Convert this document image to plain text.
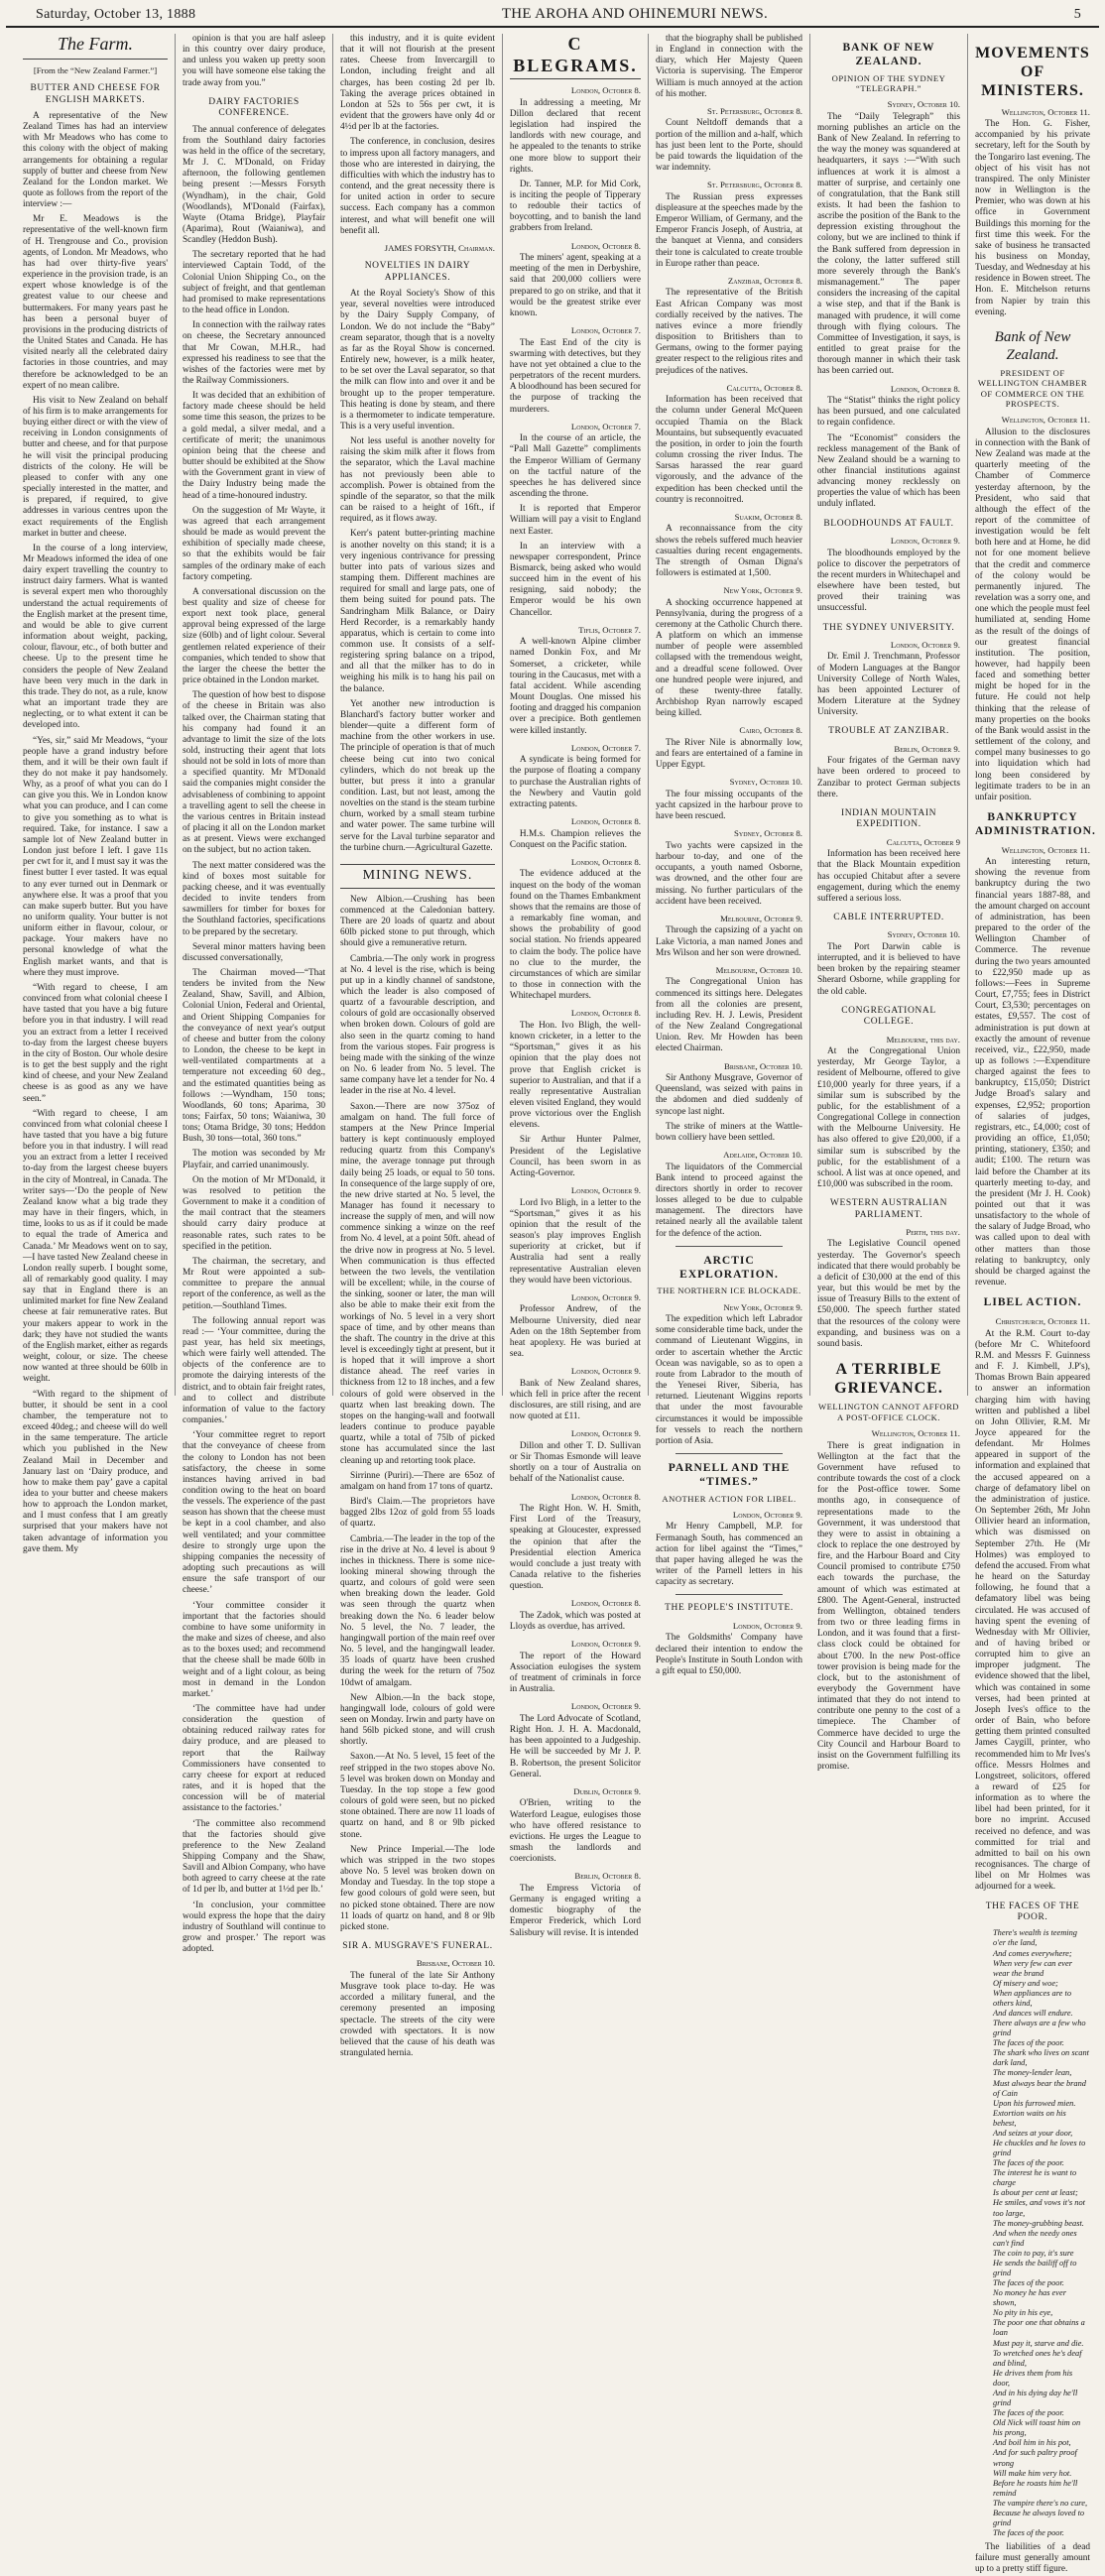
Saturday, October 13, 1888	THE AROHA AND OHINEMURI NEWS.	5
The Farm.
[From the “New Zealand Farmer.”]
BUTTER AND CHEESE FOR ENGLISH MARKETS.

A representative of the New Zealand Times has had an interview with Mr Meadows who has come to this colony with the object of making arrangements for obtaining a regular supply of butter and cheese from New Zealand for the London market. We quote as follows from the report of the interview :—

Mr E. Meadows is the representative of the well-known firm of H. Trengrouse and Co., provision agents, of London. Mr Meadows, who has had over thirty-five years' experience in the provision trade, is an expert whose knowledge is of the greatest value to our cheese and buttermakers. For many years past he has been a personal buyer of provisions in the producing districts of the United States and Canada. He has visited nearly all the celebrated dairy factories in those countries, and may therefore be acknowledged to be an expert of no mean calibre.

His visit to New Zealand on behalf of his firm is to make arrangements for buying either direct or with the view of receiving in London consignments of butter and cheese, and for that purpose he will visit the principal producing districts of the colony. He will be pleased to confer with any one specially interested in the matter, and is prepared, if required, to give addresses in various centres upon the exact requirements of the English market in butter and cheese.

In the course of a long interview, Mr Meadows informed the idea of one dairy expert travelling the country to instruct dairy farmers. What is wanted is several expert men who thoroughly understand the actual requirements of the English market at the present time, and would be able to give current information about weight, packing, colour, flavour, etc., of both butter and cheese. Up to the present time he considers the people of New Zealand have been very much in the dark in this trade. They do not, as a rule, know what an important trade they are neglecting, or to what extent it can be developed into.

“Yes, sir,” said Mr Meadows, “your people have a grand industry before them, and it will be their own fault if they do not make it pay handsomely. Why, as a proof of what you can do I can give you this. We in London know what you can produce, and I can come to give you something as to what is required. Take, for instance. I saw a sample lot of New Zealand butter in London just before I left. I gave 11s per cwt for it, and I must say it was the finest butter I ever tasted. It was equal to any ever turned out in Denmark or anywhere else. It was a proof that you can make superb butter. But you have no uniform quality. Your butter is not uniform either in flavour, colour, or package. Your makers have no personal knowledge of what the English market wants, and that is where they must improve.

“With regard to cheese, I am convinced from what colonial cheese I have tasted that you have a big future before you in that industry. I will read you an extract from a letter I received to-day from the largest cheese buyers in the city of Boston. Our whole desire is to get the best supply and the right kind of cheese, and your New Zealand cheese is as good as any we have seen.”

“With regard to cheese, I am convinced from what colonial cheese I have tasted that you have a big future before you in that industry. I will read you an extract from a letter I received to-day from the largest cheese buyers in the city of Montreal, in Canada. The writer says—‘Do the people of New Zealand know what a big trade they may have in their fingers, which, in time, looks to us as if it could be made to equal the trade of America and Canada.’ Mr Meadows went on to say,—I have tasted New Zealand cheese in London really superb. I bought some, all of remarkably good quality. I may say that in England there is an unlimited market for fine New Zealand cheese at fair remunerative rates. But your makers appear to work in the dark; they have not studied the wants of the English market, either as regards weight, colour, or size. The cheese now wanted at three should be 60lb in weight.

“With regard to the shipment of butter, it should be sent in a cool chamber, the temperature not to exceed 40deg.; and cheese will do well in the same temperature. The article which you published in the New Zealand Mail in December and January last on ‘Dairy produce, and how to make them pay’ gave a capital idea to your butter and cheese makers how to approach the London market, and I must confess that I am greatly surprised that your makers have not taken advantage of information you gave them. My

opinion is that you are half asleep in this country over dairy produce, and unless you waken up pretty soon you will have someone else taking the trade away from you.”

DAIRY FACTORIES CONFERENCE.

The annual conference of delegates from the Southland dairy factories was held in the office of the secretary, Mr J. C. M'Donald, on Friday afternoon, the following gentlemen being present :—Messrs Forsyth (Wyndham), in the chair, Gold (Woodlands), M'Donald (Fairfax), Wayte (Otama Bridge), Playfair (Aparima), Rout (Waianiwa), and Scandley (Heddon Bush).

The secretary reported that he had interviewed Captain Todd, of the Colonial Union Shipping Co., on the subject of freight, and that gentleman had promised to make representations to the head office in London.

In connection with the railway rates on cheese, the Secretary announced that Mr Cowan, M.H.R., had expressed his readiness to see that the wishes of the factories were met by the Railway Commissioners.

It was decided that an exhibition of factory made cheese should be held some time this season, the prizes to be a gold medal, a silver medal, and a certificate of merit; the unanimous opinion being that the cheese and butter should be exhibited at the Show with the Government grant in view of the Dairy Industry being made the head of a time-honoured industry.

On the suggestion of Mr Wayte, it was agreed that each arrangement should be made as would prevent the exhibition of specially made cheese, so that the exhibits would be fair samples of the ordinary make of each factory competing.

A conversational discussion on the best quality and size of cheese for export next took place, general approval being expressed of the large size (60lb) and of light colour. Several gentlemen related experience of their companies, which tended to show that the larger the cheese the better the price obtained in the London market.

The question of how best to dispose of the cheese in Britain was also talked over, the Chairman stating that his company had found it an advantage to limit the size of the lots sold, instructing their agent that lots should not be sold in lots of more than a specified quantity. Mr M'Donald said the companies might consider the advisableness of combining to appoint a travelling agent to sell the cheese in the various centres in Britain instead of placing it all on the London market as at present. Views were exchanged on the subject, but no action taken.

The next matter considered was the kind of boxes most suitable for packing cheese, and it was eventually decided to invite tenders from sawmillers for timber for boxes for the Southland factories, specifications to be prepared by the secretary.

Several minor matters having been discussed conversationally,

The Chairman moved—“That tenders be invited from the New Zealand, Shaw, Savill, and Albion, Colonial Union, Federal and Oriental, and Orient Shipping Companies for the conveyance of next year's output of cheese and butter from the colony to London, the cheese to be kept in well-ventilated compartments at a temperature not exceeding 60 deg., and the estimated quantities being as follows :—Wyndham, 150 tons; Woodlands, 60 tons; Aparima, 30 tons; Fairfax, 50 tons; Waianiwa, 30 tons; Otama Bridge, 30 tons; Heddon Bush, 30 tons—total, 360 tons.”

The motion was seconded by Mr Playfair, and carried unanimously.

On the motion of Mr M'Donald, it was resolved to petition the Government to make it a condition of the mail contract that the steamers should carry dairy produce at reasonable rates, such rates to be specified in the petition.

The chairman, the secretary, and Mr Rout were appointed a sub-committee to prepare the annual report of the conference, as well as the petition.—Southland Times.

The following annual report was read :— ‘Your committee, during the past year, has held six meetings, which were fairly well attended. The objects of the conference are to promote the dairying interests of the district, and to obtain fair freight rates, and to collect and distribute information of value to the factory companies.’

‘Your committee regret to report that the conveyance of cheese from the colony to London has not been satisfactory, the cheese in some instances having arrived in bad condition owing to the heat on board the vessels. The experience of the past season has shown that the cheese must be kept in a cool chamber, and also well ventilated; and your committee desire to strongly urge upon the shipping companies the necessity of adopting such precautions as will ensure the safe transport of our cheese.’

‘Your committee consider it important that the factories should combine to have some uniformity in the make and sizes of cheese, and also as to the boxes used; and recommend that the cheese shall be made 60lb in weight and of a light colour, as being most in demand in the London market.’

‘The committee have had under consideration the question of obtaining reduced railway rates for dairy produce, and are pleased to report that the Railway Commissioners have consented to carry cheese for export at reduced rates, and it is hoped that the concession will be of material assistance to the factories.’

‘The committee also recommend that the factories should give preference to the New Zealand Shipping Company and the Shaw, Savill and Albion Company, who have both agreed to carry cheese at the rate of 1d per lb, and butter at 1½d per lb.’

‘In conclusion, your committee would express the hope that the dairy industry of Southland will continue to grow and prosper.’ The report was adopted.

this industry, and it is quite evident that it will not flourish at the present rates. Cheese from Invercargill to London, including freight and all charges, has been costing 2d per lb. Taking the average prices obtained in London at 52s to 56s per cwt, it is evident that the growers have only 4d or 4½d per lb at the factories.

The conference, in conclusion, desires to impress upon all factory managers, and those who are interested in dairying, the difficulties with which the industry has to contend, and the great necessity there is for united action in order to secure success. Each company has a common interest, and what will benefit one will benefit all.

JAMES FORSYTH, Chairman.
NOVELTIES IN DAIRY APPLIANCES.

At the Royal Society's Show of this year, several novelties were introduced by the Dairy Supply Company, of London. We do not include the “Baby” cream separator, though that is a novelty as far as the Royal Show is concerned. Entirely new, however, is a milk heater, to be set over the Laval separator, so that the milk can flow into and over it and be brought up to the proper temperature. This heating is done by steam, and there is a thermometer to indicate temperature. This is a very useful invention.

Not less useful is another novelty for raising the skim milk after it flows from the separator, which the Laval machine has not previously been able to accomplish. Power is obtained from the spindle of the separator, so that the milk can be raised to a height of 16ft., if required, as it flows away.

Kerr's patent butter-printing machine is another novelty on this stand; it is a very ingenious contrivance for pressing butter into pats of various sizes and stamping them. Different machines are required for small and large pats, one of them being suited for pound pats. The Sandringham Milk Balance, or Dairy Herd Recorder, is a remarkably handy apparatus, which is certain to come into common use. It consists of a self-registering spring balance on a tripod, and all that the milker has to do in weighing his milk is to hang his pail on the balance.

Yet another new introduction is Blanchard's factory butter worker and blender—quite a different form of machine from the other workers in use. The principle of operation is that of much cheese being cut into two conical cylinders, which do not break up the butter, but press it into a granular condition. Last, but not least, among the novelties on the stand is the steam turbine churn, worked by a small steam turbine and water power. The same turbine will serve for the Laval turbine separator and the turbine churn.—Agricultural Gazette.

MINING NEWS.

New Albion.—Crushing has been commenced at the Caledonian battery. There are 20 loads of quartz and about 60lb picked stone to put through, which should give a remunerative return.

Cambria.—The only work in progress at No. 4 level is the rise, which is being put up in a kindly channel of sandstone, which the leader is also composed of quartz of a favourable description, and colours of gold are occasionally observed when broken down. Colours of gold are also seen in the quartz coming to hand from the various stopes. Fair progress is being made with the sinking of the winze on No. 6 leader from No. 5 level. The same company have let a tender for No. 4 leader in the rise at No. 4 level.

Saxon.—There are now 375oz of amalgam on hand. The full force of stampers at the New Prince Imperial battery is kept continuously employed reducing quartz from this Company's mine, the average tonnage put through daily being 25 loads, or equal to 50 tons. In consequence of the large supply of ore, the new drive started at No. 5 level, the Manager has found it necessary to increase the supply of men, and will now commence sinking a winze on the reef from No. 4 level, at a point 50ft. ahead of the drive now in progress at No. 5 level. When communication is thus effected between the two levels, the ventilation will be excellent; while, in the course of the sinking, sooner or later, the man will also be able to make their exit from the workings of No. 5 level in a very short space of time, and by other means than the shaft. The country in the drive at this level is exceedingly tight at present, but it is hoped that it will improve a short distance ahead. The reef varies in thickness from 12 to 18 inches, and a few colours of gold were observed in the quartz when last breaking down. The stopes on the hanging-wall and footwall leaders continue to produce payable quartz, while a total of 75lb of picked stone has accumulated since the last cleaning up and retorting took place.

Sirrinne (Puriri).—There are 65oz of amalgam on hand from 17 tons of quartz.

Bird's Claim.—The proprietors have bagged 2lbs 12oz of gold from 55 loads of quartz.

Cambria.—The leader in the top of the rise in the drive at No. 4 level is about 9 inches in thickness. There is some nice-looking mineral showing through the quartz, and colours of gold were seen when breaking down the leader. Gold was seen through the quartz when breaking down the No. 6 leader below No. 5 level, the No. 7 leader, the hangingwall portion of the main reef over No. 5 level, and the hangingwall leader. 35 loads of quartz have been crushed during the week for the return of 75oz 10dwt of amalgam.

New Albion.—In the back stope, hangingwall lode, colours of gold were seen on Monday. Irwin and party have on hand 56lb picked stone, and will crush shortly.

Saxon.—At No. 5 level, 15 feet of the reef stripped in the two stopes above No. 5 level was broken down on Monday and Tuesday. In the top stope a few good colours of gold were seen, but no picked stone obtained. There are now 11 loads of quartz on hand, and 8 or 9lb picked stone.

New Prince Imperial.—The lode which was stripped in the two stopes above No. 5 level was broken down on Monday and Tuesday. In the top stope a few good colours of gold were seen, but no picked stone obtained. There are now 11 loads of quartz on hand, and 8 or 9lb picked stone.

SIR A. MUSGRAVE'S FUNERAL.
Brisbane, October 10.

The funeral of the late Sir Anthony Musgrave took place to-day. He was accorded a military funeral, and the ceremony presented an imposing spectacle. The streets of the city were crowded with spectators. It is now believed that the cause of his death was strangulated hernia.

C BLEGRAMS.
London, October 8.

In addressing a meeting, Mr Dillon declared that recent legislation had inspired the landlords with new courage, and he appealed to the tenants to strike one more blow to support their rights.

Dr. Tanner, M.P. for Mid Cork, is inciting the people of Tipperary to redouble their tactics of boycotting, and to banish the land grabbers from Ireland.

London, October 8.

The miners' agent, speaking at a meeting of the men in Derbyshire, said that 200,000 colliers were prepared to go on strike, and that it would be the greatest strike ever known.

London, October 7.

The East End of the city is swarming with detectives, but they have not yet obtained a clue to the perpetrators of the recent murders. A bloodhound has been secured for the purpose of tracking the murderers.

London, October 7.

In the course of an article, the “Pall Mall Gazette” compliments the Emperor William of Germany on the tactful nature of the speeches he has delivered since ascending the throne.

It is reported that Emperor William will pay a visit to England next Easter.

In an interview with a newspaper correspondent, Prince Bismarck, being asked who would succeed him in the event of his resigning, said nobody; the Emperor would be his own Chancellor.

Tiflis, October 7.

A well-known Alpine climber named Donkin Fox, and Mr Somerset, a cricketer, while touring in the Caucasus, met with a fatal accident. While ascending Mount Douglas. One missed his footing and dragged his companion over a precipice. Both gentlemen were killed instantly.

London, October 7.

A syndicate is being formed for the purpose of floating a company to purchase the Australian rights of the Newbery and Vautin gold extracting patents.

London, October 8.

H.M.s. Champion relieves the Conquest on the Pacific station.

London, October 8.

The evidence adduced at the inquest on the body of the woman found on the Thames Embankment shows that the remains are those of a remarkably fine woman, and shows the probability of good social station. No friends appeared to claim the body. The police have no clue to the murder, the circumstances of which are similar to those in connection with the Whitechapel murders.

London, October 8.

The Hon. Ivo Bligh, the well-known cricketer, in a letter to the “Sportsman,” gives it as his opinion that the play does not prove that English cricket is superior to Australian, and that if a really representative Australian eleven visited England, they would prove victorious over the English elevens.

Sir Arthur Hunter Palmer, President of the Legislative Council, has been sworn in as Acting-Governor.

London, October 9.

Lord Ivo Bligh, in a letter to the “Sportsman,” gives it as his opinion that the result of the season's play improves English superiority at cricket, but if Australia had sent a really representative Australian eleven they would have been victorious.

London, October 9.

Professor Andrew, of the Melbourne University, died near Aden on the 18th September from heat apoplexy. He was buried at sea.

London, October 9.

Bank of New Zealand shares, which fell in price after the recent disclosures, are still rising, and are now quoted at £11.

London, October 9.

Dillon and other T. D. Sullivan or Sir Thomas Esmonde will leave shortly on a tour of Australia on behalf of the Nationalist cause.

London, October 8.

The Right Hon. W. H. Smith, First Lord of the Treasury, speaking at Gloucester, expressed the opinion that after the Presidential election America would conclude a just treaty with Canada relative to the fisheries question.

London, October 8.

The Zadok, which was posted at Lloyds as overdue, has arrived.

London, October 9.

The report of the Howard Association eulogises the system of treatment of criminals in force in Australia.

London, October 9.

The Lord Advocate of Scotland, Right Hon. J. H. A. Macdonald, has been appointed to a Judgeship. He will be succeeded by Mr J. P. B. Robertson, the present Solicitor General.

Dublin, October 9.

O'Brien, writing to the Waterford League, eulogises those who have offered resistance to evictions. He urges the League to smash the landlords and coercionists.

Berlin, October 8.

The Empress Victoria of Germany is engaged writing a domestic biography of the Emperor Frederick, which Lord Salisbury will revise. It is intended

that the biography shall be published in England in connection with the diary, which Her Majesty Queen Victoria is supervising. The Emperor William is much annoyed at the action of his mother.

St. Petersburg, October 8.

Count Neltdoff demands that a portion of the million and a-half, which has just been lent to the Porte, should be paid towards the liquidation of the war indemnity.

St. Petersburg, October 8.

The Russian press expresses displeasure at the speeches made by the Emperor William, of Germany, and the Emperor Francis Joseph, of Austria, at the banquet at Vienna, and considers their tone is calculated to create trouble in Europe rather than peace.

Zanzibar, October 8.

The representative of the British East African Company was most cordially received by the natives. The natives evince a more friendly disposition to Britishers than to Germans, owing to the former paying greater respect to the religious rites and prejudices of the natives.

Calcutta, October 8.

Information has been received that the column under General McQueen occupied Thamia on the Black Mountains, but subsequently evacuated the position, in order to join the fourth column crossing the river Indus. The Sarsas harassed the rear guard vigorously, and the advance of the expedition has been checked until the country is reconnoitred.

Suakim, October 8.

A reconnaissance from the city shows the rebels suffered much heavier casualties during recent engagements. The strength of Osman Digna's followers is estimated at 1,500.

New York, October 9.

A shocking occurrence happened at Pennsylvania, during the progress of a ceremony at the Catholic Church there. A platform on which an immense number of people were assembled collapsed with the tremendous weight, and a dreadful scene followed. Over one hundred people were injured, and of these twenty-three fatally. Archbishop Ryan narrowly escaped being killed.

Cairo, October 8.

The River Nile is abnormally low, and fears are entertained of a famine in Upper Egypt.

Sydney, October 10.

The four missing occupants of the yacht capsized in the harbour prove to have been rescued.

Sydney, October 8.

Two yachts were capsized in the harbour to-day, and one of the occupants, a youth named Osborne, was drowned, and the other four are missing. No further particulars of the accident have been received.

Melbourne, October 9.

Through the capsizing of a yacht on Lake Victoria, a man named Jones and Mrs Wilson and her son were drowned.

Melbourne, October 10.

The Congregational Union has commenced its sittings here. Delegates from all the colonies are present, including Rev. H. J. Lewis, President of the New Zealand Congregational Union. Rev. Mr Howden has been elected Chairman.

Brisbane, October 10.

Sir Anthony Musgrave, Governor of Queensland, was seized with pains in the abdomen and died suddenly of syncope last night.

The strike of miners at the Wattle-bown colliery have been settled.

Adelaide, October 10.

The liquidators of the Commercial Bank intend to proceed against the directors shortly in order to recover losses alleged to be due to culpable management. The directors have retained nearly all the available talent for the defence of the action.

ARCTIC EXPLORATION.
THE NORTHERN ICE BLOCKADE.
New York, October 9.

The expedition which left Labrador some considerable time back, under the command of Lieutenant Wiggins, in order to ascertain whether the Arctic Ocean was navigable, so as to open a route from Labrador to the mouth of the Yenesei River, Siberia, has returned. Lieutenant Wiggins reports that under the most favourable circumstances it would be impossible for vessels to reach the northern portion of Asia.

PARNELL AND THE “TIMES.”
ANOTHER ACTION FOR LIBEL.
London, October 9.

Mr Henry Campbell, M.P. for Fermanagh South, has commenced an action for libel against the “Times,” that paper having alleged he was the writer of the Parnell letters in his capacity as secretary.

THE PEOPLE'S INSTITUTE.
London, October 9.

The Goldsmiths' Company have declared their intention to endow the People's Institute in South London with a gift equal to £50,000.

BANK OF NEW ZEALAND.
OPINION OF THE SYDNEY “TELEGRAPH.”
Sydney, October 10.

The “Daily Telegraph” this morning publishes an article on the Bank of New Zealand. In referring to the way the money was squandered at headquarters, it says :—“With such influences at work it is almost a matter of surprise, and certainly one of congratulation, that the Bank still exists. It had been the fashion to ascribe the position of the Bank to the depression existing throughout the colony, but we are inclined to think if the Bank suffered from depression in the colony, the latter suffered still more severely through the Bank's mismanagement.” The paper considers the increasing of the capital a wise step, and that if the Bank is managed with prudence, it will come through with flying colours. The Committee of Investigation, it says, is entitled to great praise for the thorough manner in which their task has been carried out.

London, October 8.

The “Statist” thinks the right policy has been pursued, and one calculated to regain confidence.

The “Economist” considers the reckless management of the Bank of New Zealand should be a warning to other financial institutions against advancing money recklessly on properties the value of which has been unduly inflated.

BLOODHOUNDS AT FAULT.
London, October 9.

The bloodhounds employed by the police to discover the perpetrators of the recent murders in Whitechapel and elsewhere have been tested, but proved their training was unsuccessful.

THE SYDNEY UNIVERSITY.
London, October 9.

Dr. Emil J. Trenchmann, Professor of Modern Languages at the Bangor University College of North Wales, has been appointed Lecturer of Modern Literature at the Sydney University.

TROUBLE AT ZANZIBAR.
Berlin, October 9.

Four frigates of the German navy have been ordered to proceed to Zanzibar to protect German subjects there.

INDIAN MOUNTAIN EXPEDITION.
Calcutta, October 9

Information has been received here that the Black Mountain expedition has occupied Chitabut after a severe engagement, during which the enemy suffered a serious loss.

CABLE INTERRUPTED.
Sydney, October 10.

The Port Darwin cable is interrupted, and it is believed to have been broken by the repairing steamer Sherard Osborne, while grappling for the old cable.

CONGREGATIONAL COLLEGE.
Melbourne, this day.

At the Congregational Union yesterday, Mr George Taylor, a resident of Melbourne, offered to give £10,000 yearly for three years, if a similar sum is subscribed by the public, for the establishment of a Congregational College in connection with the Melbourne University. He has also offered to give £20,000, if a similar sum is subscribed by the public, for the establishment of a school. A list was at once opened, and £10,000 was subscribed in the room.

WESTERN AUSTRALIAN PARLIAMENT.
Perth, this day.

The Legislative Council opened yesterday. The Governor's speech indicated that there would probably be a deficit of £30,000 at the end of this year, but this would be met by the issue of Treasury Bills to the extent of £50,000. The speech further stated that the resources of the colony were expanding, and business was on a sound basis.

A TERRIBLE GRIEVANCE.
WELLINGTON CANNOT AFFORD A POST-OFFICE CLOCK.
Wellington, October 11.

There is great indignation in Wellington at the fact that the Government have refused to contribute towards the cost of a clock for the Post-office tower. Some months ago, in consequence of representations made to the Government, it was understood that they were to assist in obtaining a clock to replace the one destroyed by fire, and the Harbour Board and City Council promised to contribute £750 each towards the purchase, the amount of which was estimated at £800. The Agent-General, instructed from Wellington, obtained tenders from two or three leading firms in London, and it was found that a first-class clock could be obtained for about £700. In the new Post-office tower provision is being made for the clock, but to the astonishment of everybody the Government have intimated that they do not intend to contribute one penny to the cost of a timepiece. The Chamber of Commerce have decided to urge the City Council and Harbour Board to insist on the Government fulfilling its promise.

MOVEMENTS OF MINISTERS.
Wellington, October 11.

The Hon. G. Fisher, accompanied by his private secretary, left for the South by the Tongariro last evening. The object of his visit has not transpired. The only Minister now in Wellington is the Premier, who was down at his office in Government Buildings this morning for the first time this week. For the sake of business he transacted his business on Monday, Tuesday, and Wednesday at his residence in Bowen street. The Hon. E. Mitchelson returns from Napier by train this evening.

Bank of New Zealand.
PRESIDENT OF WELLINGTON CHAMBER OF COMMERCE ON THE PROSPECTS.
Wellington, October 11.

Allusion to the disclosures in connection with the Bank of New Zealand was made at the quarterly meeting of the Chamber of Commerce yesterday afternoon, by the President, who said that although the effect of the report of the committee of investigation would be felt both here and at Home, he did not for one moment believe that the credit and commerce of the colony would be permanently injured. The revelation was a sorry one, and one which the people must feel humiliated at, sending Home as the result of the doings of our greatest financial institution. The position, however, had happily been faced and something better might be hoped for in the future. He could not help thinking that the release of many properties on the books of the Bank would assist in the settlement of the colony, and compel many businesses to go into liquidation which had long been considered by legitimate traders to be in an unfair position.

BANKRUPTCY ADMINISTRATION.
Wellington, October 11.

An interesting return, showing the revenue from bankruptcy during the two financial years 1887-88, and the amount charged on account of administration, has been prepared to the order of the Wellington Chamber of Commerce. The revenue during the two years amounted to £22,950 made up as follows:—Fees in Supreme Court, £7,755; fees in District Court, £3,530; percentages on estates, £9,557. The cost of administration is put down at exactly the amount of revenue received, viz., £22,950, made up as follows :—Expenditure charged against the fees to bankruptcy, £15,050; District Judge Broad's salary and expenses, £2,952; proportion of salaries of judges, registrars, etc., £4,000; cost of providing an office, £1,050; printing, stationery, £350; and audit; £100. The return was laid before the Chamber at its quarterly meeting to-day, and the president (Mr J. H. Cook) pointed out that it was unsatisfactory to the whole of the salary of Judge Broad, who was called upon to deal with other matters than those relating to bankruptcy, only should be charged against the revenue.

LIBEL ACTION.
Christchurch, October 11.

At the R.M. Court to-day (before Mr C. Whitefoord R.M. and Messrs F. Guinness and F. J. Kimbell, J.P's), Thomas Brown Bain appeared to answer an information charging him with having written and published a libel on John Ollivier, R.M. Mr Joyce appeared for the defendant. Mr Holmes appeared in support of the information and explained that the accused appeared on a charge of defamatory libel on the administration of justice. On September 26th, Mr John Ollivier heard an information, which was dismissed on September 27th. He (Mr Holmes) was employed to defend the accused. From what he heard on the Saturday following, he found that a defamatory libel was being circulated. He was accused of having spent the evening of Wednesday with Mr Ollivier, and of having bribed or corrupted him to give an improper judgment. The evidence showed that the libel, which was contained in some verses, had been printed at Joseph Ives's office to the order of Bain, who before getting them printed consulted James Caygill, printer, who recommended him to Mr Ives's office. Messrs Holmes and Longstreet, solicitors, offered a reward of £25 for information as to where the libel had been printed, for it bore no imprint. Accused received no defence, and was committed for trial and admitted to bail on his own recognisances. The charge of libel on Mr Holmes was adjourned for a week.

THE FACES OF THE POOR.
There's wealth is teeming o'er the land,
And comes everywhere;
When very few can ever wear the brand
Of misery and woe;
When appliances are to others kind,
And dances will endure.
There always are a few who grind
The faces of the poor.
The shark who lives on scant dark land,
The money-lender lean,
Must always bear the brand of Cain
Upon his furrowed mien.
Extortion waits on his behest,
And seizes at your door,
He chuckles and he loves to grind
The faces of the poor.
The interest he is want to charge
Is about per cent at least;
He smiles, and vows it's not too large,
The money-grubbing beast.
And when the needy ones can't find
The coin to pay, it's sure
He sends the bailiff off to grind
The faces of the poor.
No money he has ever shown,
No pity in his eye,
The poor one that obtains a loan
Must pay it, starve and die.
To wretched ones he's deaf and blind,
He drives them from his door,
And in his dying day he'll grind
The faces of the poor.
Old Nick will toast him on his prong,
And boil him in his pot,
And for such paltry proof wrong
Will make him very hot.
Before he roasts him he'll remind
The vampire there's no cure,
Because he always loved to grind
The faces of the poor.

The liabilities of a dead failure must generally amount up to a pretty stiff figure.
